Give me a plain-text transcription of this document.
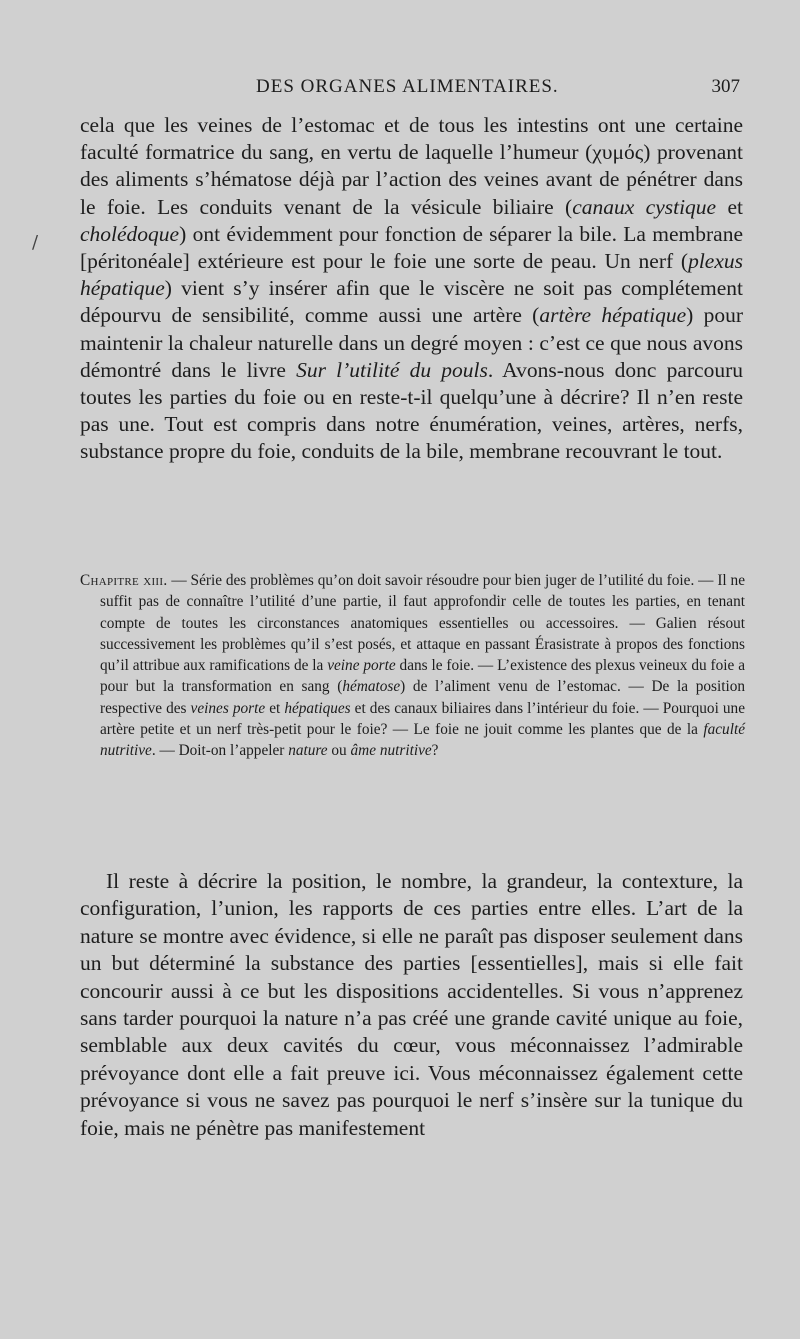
DES ORGANES ALIMENTAIRES.	307
/

cela que les veines de l’estomac et de tous les intestins ont une certaine faculté formatrice du sang, en vertu de laquelle l’humeur (χυμός) provenant des aliments s’hématose déjà par l’action des veines avant de pénétrer dans le foie. Les conduits venant de la vésicule biliaire (canaux cystique et cholédoque) ont évidemment pour fonction de séparer la bile. La membrane [péritonéale] extérieure est pour le foie une sorte de peau. Un nerf (plexus hépatique) vient s’y insérer afin que le viscère ne soit pas complétement dépourvu de sensibilité, comme aussi une artère (artère hépatique) pour maintenir la chaleur naturelle dans un degré moyen : c’est ce que nous avons démontré dans le livre Sur l’utilité du pouls. Avons-nous donc parcouru toutes les parties du foie ou en reste-t-il quelqu’une à décrire? Il n’en reste pas une. Tout est compris dans notre énumération, veines, artères, nerfs, substance propre du foie, conduits de la bile, membrane recouvrant le tout.

Chapitre xiii. — Série des problèmes qu’on doit savoir résoudre pour bien juger de l’utilité du foie. — Il ne suffit pas de connaître l’utilité d’une partie, il faut approfondir celle de toutes les parties, en tenant compte de toutes les circonstances anatomiques essentielles ou accessoires. — Galien résout successivement les problèmes qu’il s’est posés, et attaque en passant Érasistrate à propos des fonctions qu’il attribue aux ramifications de la veine porte dans le foie. — L’existence des plexus veineux du foie a pour but la transformation en sang (hématose) de l’aliment venu de l’estomac. — De la position respective des veines porte et hépatiques et des canaux biliaires dans l’intérieur du foie. — Pourquoi une artère petite et un nerf très-petit pour le foie? — Le foie ne jouit comme les plantes que de la faculté nutritive. — Doit-on l’appeler nature ou âme nutritive?

Il reste à décrire la position, le nombre, la grandeur, la contexture, la configuration, l’union, les rapports de ces parties entre elles. L’art de la nature se montre avec évidence, si elle ne paraît pas disposer seulement dans un but déterminé la substance des parties [essentielles], mais si elle fait concourir aussi à ce but les dispositions accidentelles. Si vous n’apprenez sans tarder pourquoi la nature n’a pas créé une grande cavité unique au foie, semblable aux deux cavités du cœur, vous méconnaissez l’admirable prévoyance dont elle a fait preuve ici. Vous méconnaissez également cette prévoyance si vous ne savez pas pourquoi le nerf s’insère sur la tunique du foie, mais ne pénètre pas manifestement
